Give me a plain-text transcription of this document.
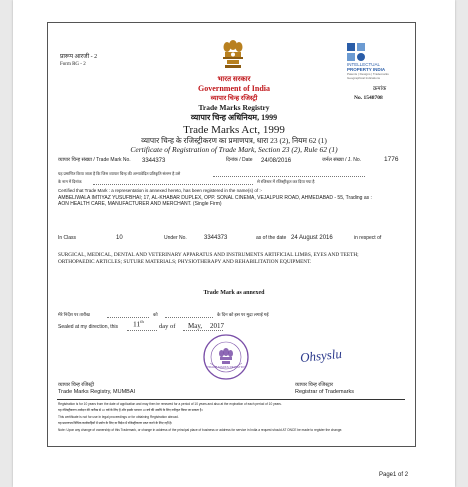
प्रारूप आरजी - 2
Form RG - 2
भारत सरकार
Government of India
व्यापार चिन्ह रजिस्ट्री
Trade Marks Registry
व्यापार चिन्ह अधिनियम, 1999
Trade Marks Act, 1999
व्यापार चिन्ह के रजिस्ट्रीकरण का प्रमाणपत्र, धारा 23 (2), नियम 62 (1)
Certificate of Registration of Trade Mark, Section 23 (2), Rule 62 (1)
INTELLECTUAL
PROPERTY INDIA
Patents | Designs | Trademarks
Geographical Indications
क्रमांक
No. 1548708
व्यापार चिन्ह संख्या / Trade Mark No. 3344373	दिनांक / Date 24/08/2016	जर्नल संख्या / J. No.	1776
यह प्रमाणित किया जाता है कि जिस व्यापार चिन्ह की अभ्यावेदित प्रतिकृति संलग्न है उसे
के नाम में दिनांक	से रजिस्टर में रजिस्ट्रीकृत कर दिया गया है
Certified that Trade Mark : a representation is annexed hereto, has been registered in the name(s) of :-
AMBELIWALA IMTIYAZ YUSUFBHAI; 17, AL-KHABAR DUPLEX, OPP. SONAL CINEMA, VEJALPUR ROAD, AHMEDABAD - 55, Trading as : AON HEALTH CARE, MANUFACTURER AND MERCHANT. (Single Firm)
In Class	10	Under No.	3344373	as of the date 24 August 2016	in respect of
SURGICAL, MEDICAL, DENTAL AND VETERINARY APPARATUS AND INSTRUMENTS ARTIFICIAL LIMBS, EYES AND TEETH; ORTHOPAEDIC ARTICLES; SUTURE MATERIALS; PHYSIOTHERAPY AND REHABILITATION EQUIPMENT.
Trade Mark as annexed
मेरे निर्देश पर तारीख	को	के दिन को इस पर मुद्रा लगाई गई
Sealed at my direction, this 11th
day of May, 2017
TRADE MARKS REGISTRY
Ohsyslu
व्यापार चिन्ह रजिस्ट्री
Trade Marks Registry, MUMBAI
व्यापार चिन्ह रजिस्ट्रार
Registrar of Trademarks
Registration is for 10 years from the date of application and may then be renewed for a period of 10 years and also at the expiration of each period of 10 years.
यह रजिस्ट्रीकरण आवेदन की तारीख से 10 वर्ष के लिए है और इसके पश्चात 10 वर्ष की अवधि के लिए नवीकृत किया जा सकता है।
This certificate is not for use in legal proceedings or for obtaining Registration abroad.
यह प्रमाणपत्र विधिक कार्यवाहियों में प्रयोग के लिए या विदेश में रजिस्ट्रीकरण प्राप्त करने के लिए नहीं है।
Note: Upon any change of ownership of this Trademark, or change in address of the principal place of business or address for service in India a request should AT ONCE be made to register the change.
Page1 of 2
